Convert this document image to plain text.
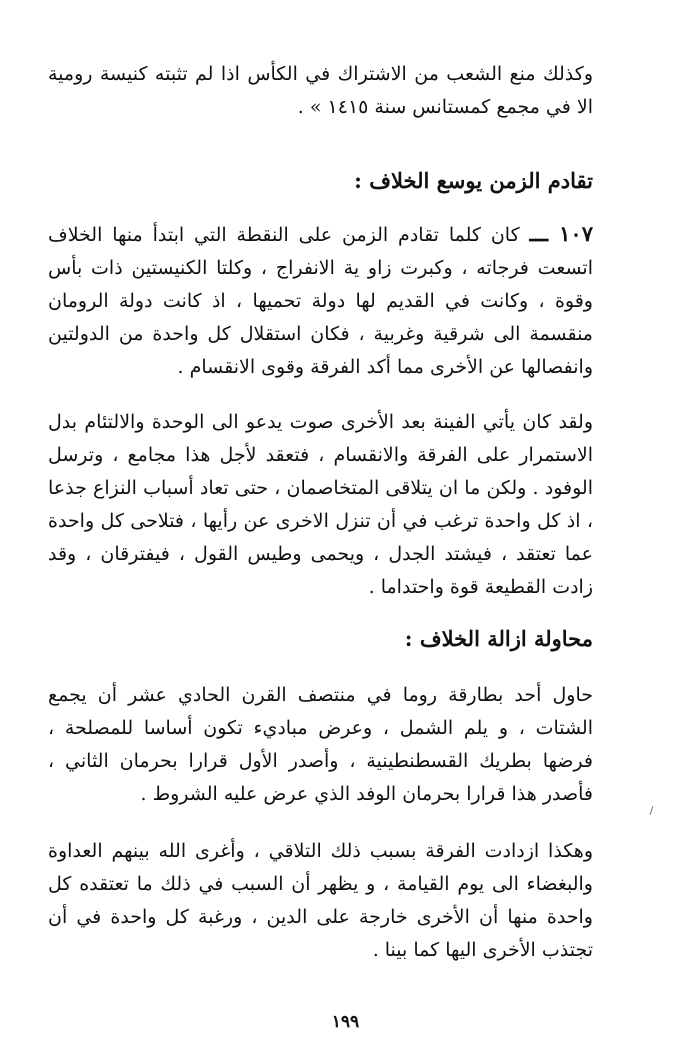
وكذلك منع الشعب من الاشتراك في الكأس اذا لم تثبته كنيسة رومية الا في مجمع كمستانس سنة ١٤١٥ » .

تقادم الزمن يوسع الخلاف :

١٠٧ ـــ كان كلما تقادم الزمن على النقطة التي ابتدأ منها الخلاف اتسعت فرجاته ، وكبرت زاو ية الانفراج ، وكلتا الكنيستين ذات بأس وقوة ، وكانت في القديم لها دولة تحميها ، اذ كانت دولة الرومان منقسمة الى شرقية وغربية ، فكان استقلال كل واحدة من الدولتين وانفصالها عن الأخرى مما أكد الفرقة وقوى الانقسام .

ولقد كان يأتي الفينة بعد الأخرى صوت يدعو الى الوحدة والالتئام بدل الاستمرار على الفرقة والانقسام ، فتعقد لأجل هذا مجامع ، وترسل الوفود . ولكن ما ان يتلاقى المتخاصمان ، حتى تعاد أسباب النزاع جذعا ، اذ كل واحدة ترغب في أن تنزل الاخرى عن رأيها ، فتلاحى كل واحدة عما تعتقد ، فيشتد الجدل ، ويحمى وطيس القول ، فيفترقان ، وقد زادت القطيعة قوة واحتداما .

محاولة ازالة الخلاف :

حاول أحد بطارقة روما في منتصف القرن الحادي عشر أن يجمع الشتات ، و يلم الشمل ، وعرض مباديء تكون أساسا للمصلحة ، فرضها بطريك القسطنطينية ، وأصدر الأول قرارا بحرمان الثاني ، فأصدر هذا قرارا بحرمان الوفد الذي عرض عليه الشروط .

وهكذا ازدادت الفرقة بسبب ذلك التلاقي ، وأغرى الله بينهم العداوة والبغضاء الى يوم القيامة ، و يظهر أن السبب في ذلك ما تعتقده كل واحدة منها أن الأخرى خارجة على الدين ، ورغبة كل واحدة في أن تجتذب الأخرى اليها كما بينا .

١٩٩
